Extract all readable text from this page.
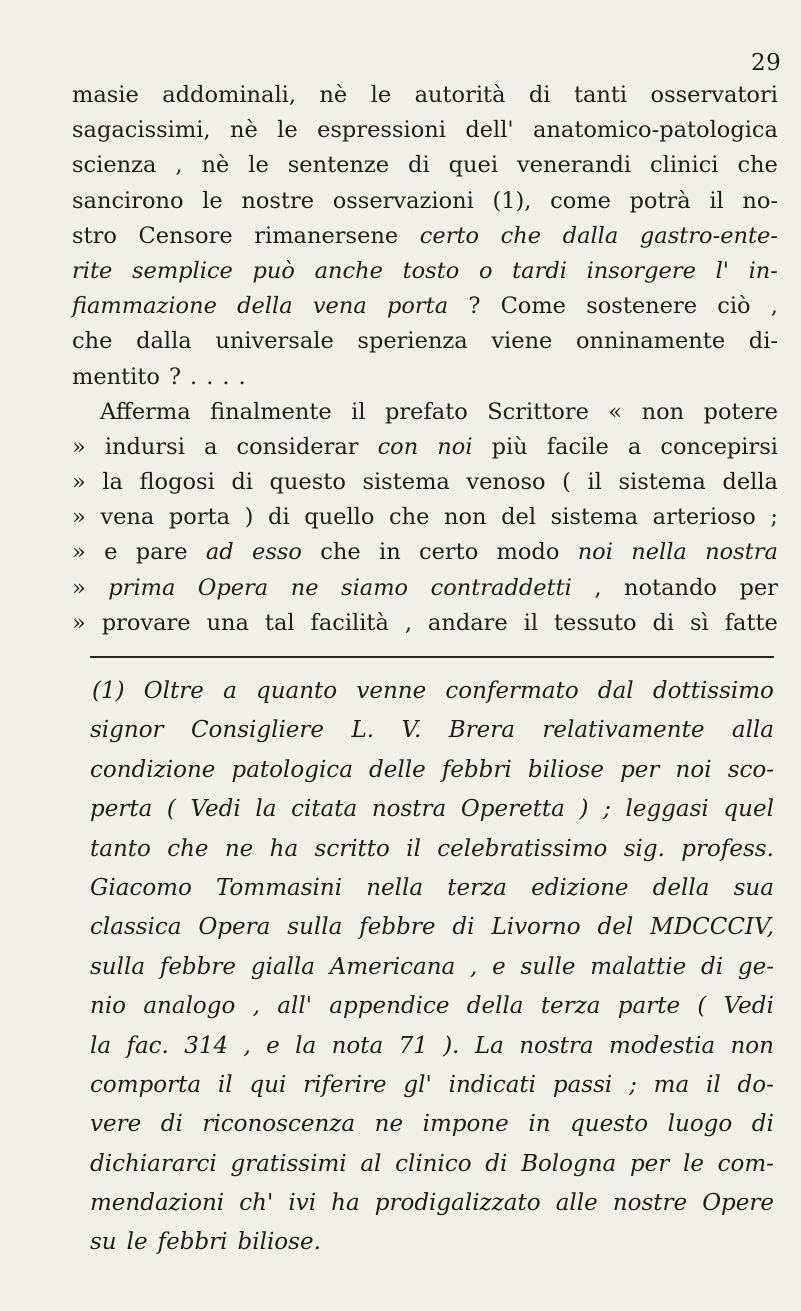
29
masie addominali, nè le autorità di tanti osservatori
sagacissimi, nè le espressioni dell' anatomico-patologica
scienza , nè le sentenze di quei venerandi clinici che
sancirono le nostre osservazioni (1), come potrà il no-
stro Censore rimanersene certo che dalla gastro-ente-
rite semplice può anche tosto o tardi insorgere l' in-
fiammazione della vena porta ? Come sostenere ciò ,
che dalla universale sperienza viene onninamente di-
mentito ? . . . .
Afferma finalmente il prefato Scrittore « non potere
» indursi a considerar con noi più facile a concepirsi
» la flogosi di questo sistema venoso ( il sistema della
» vena porta ) di quello che non del sistema arterioso ;
» e pare ad esso che in certo modo noi nella nostra
» prima Opera ne siamo contraddetti , notando per
» provare una tal facilità , andare il tessuto di sì fatte
(1) Oltre a quanto venne confermato dal dottissimo
signor Consigliere L. V. Brera relativamente alla
condizione patologica delle febbri biliose per noi sco-
perta ( Vedi la citata nostra Operetta ) ; leggasi quel
tanto che ne ha scritto il celebratissimo sig. profess.
Giacomo Tommasini nella terza edizione della sua
classica Opera sulla febbre di Livorno del MDCCCIV,
sulla febbre gialla Americana , e sulle malattie di ge-
nio analogo , all' appendice della terza parte ( Vedi
la fac. 314 , e la nota 71 ). La nostra modestia non
comporta il qui riferire gl' indicati passi ; ma il do-
vere di riconoscenza ne impone in questo luogo di
dichiararci gratissimi al clinico di Bologna per le com-
mendazioni ch' ivi ha prodigalizzato alle nostre Opere
su le febbri biliose.
